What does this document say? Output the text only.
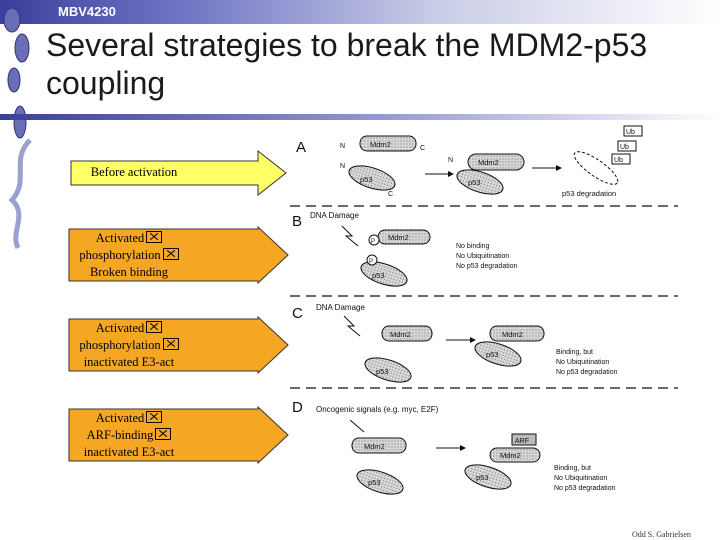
MBV4230
Several strategies to break the MDM2-p53 coupling
Before activation
Activated
phosphorylation
Broken binding
Activated
phosphorylation
inactivated E3-act
Activated
ARF-binding
inactivated E3-act
A	Mdm2
Mdm2
N	C
N
p53	p53
N
C
Ub
Ub
Ub
p53 degradation
B DNA Damage
Mdm2
P
p53
P
No binding
No Ubiquitination
No p53 degradation
C DNA Damage
Mdm2
p53
Mdm2
p53	Binding, but
No Ubiquitination
No p53 degradation
D Oncogenic signals (e.g. myc, E2F)
Mdm2
p53
ARF
Mdm2
p53
Binding, but
No Ubiquitination
No p53 degradation
Odd S. Gabrielsen
